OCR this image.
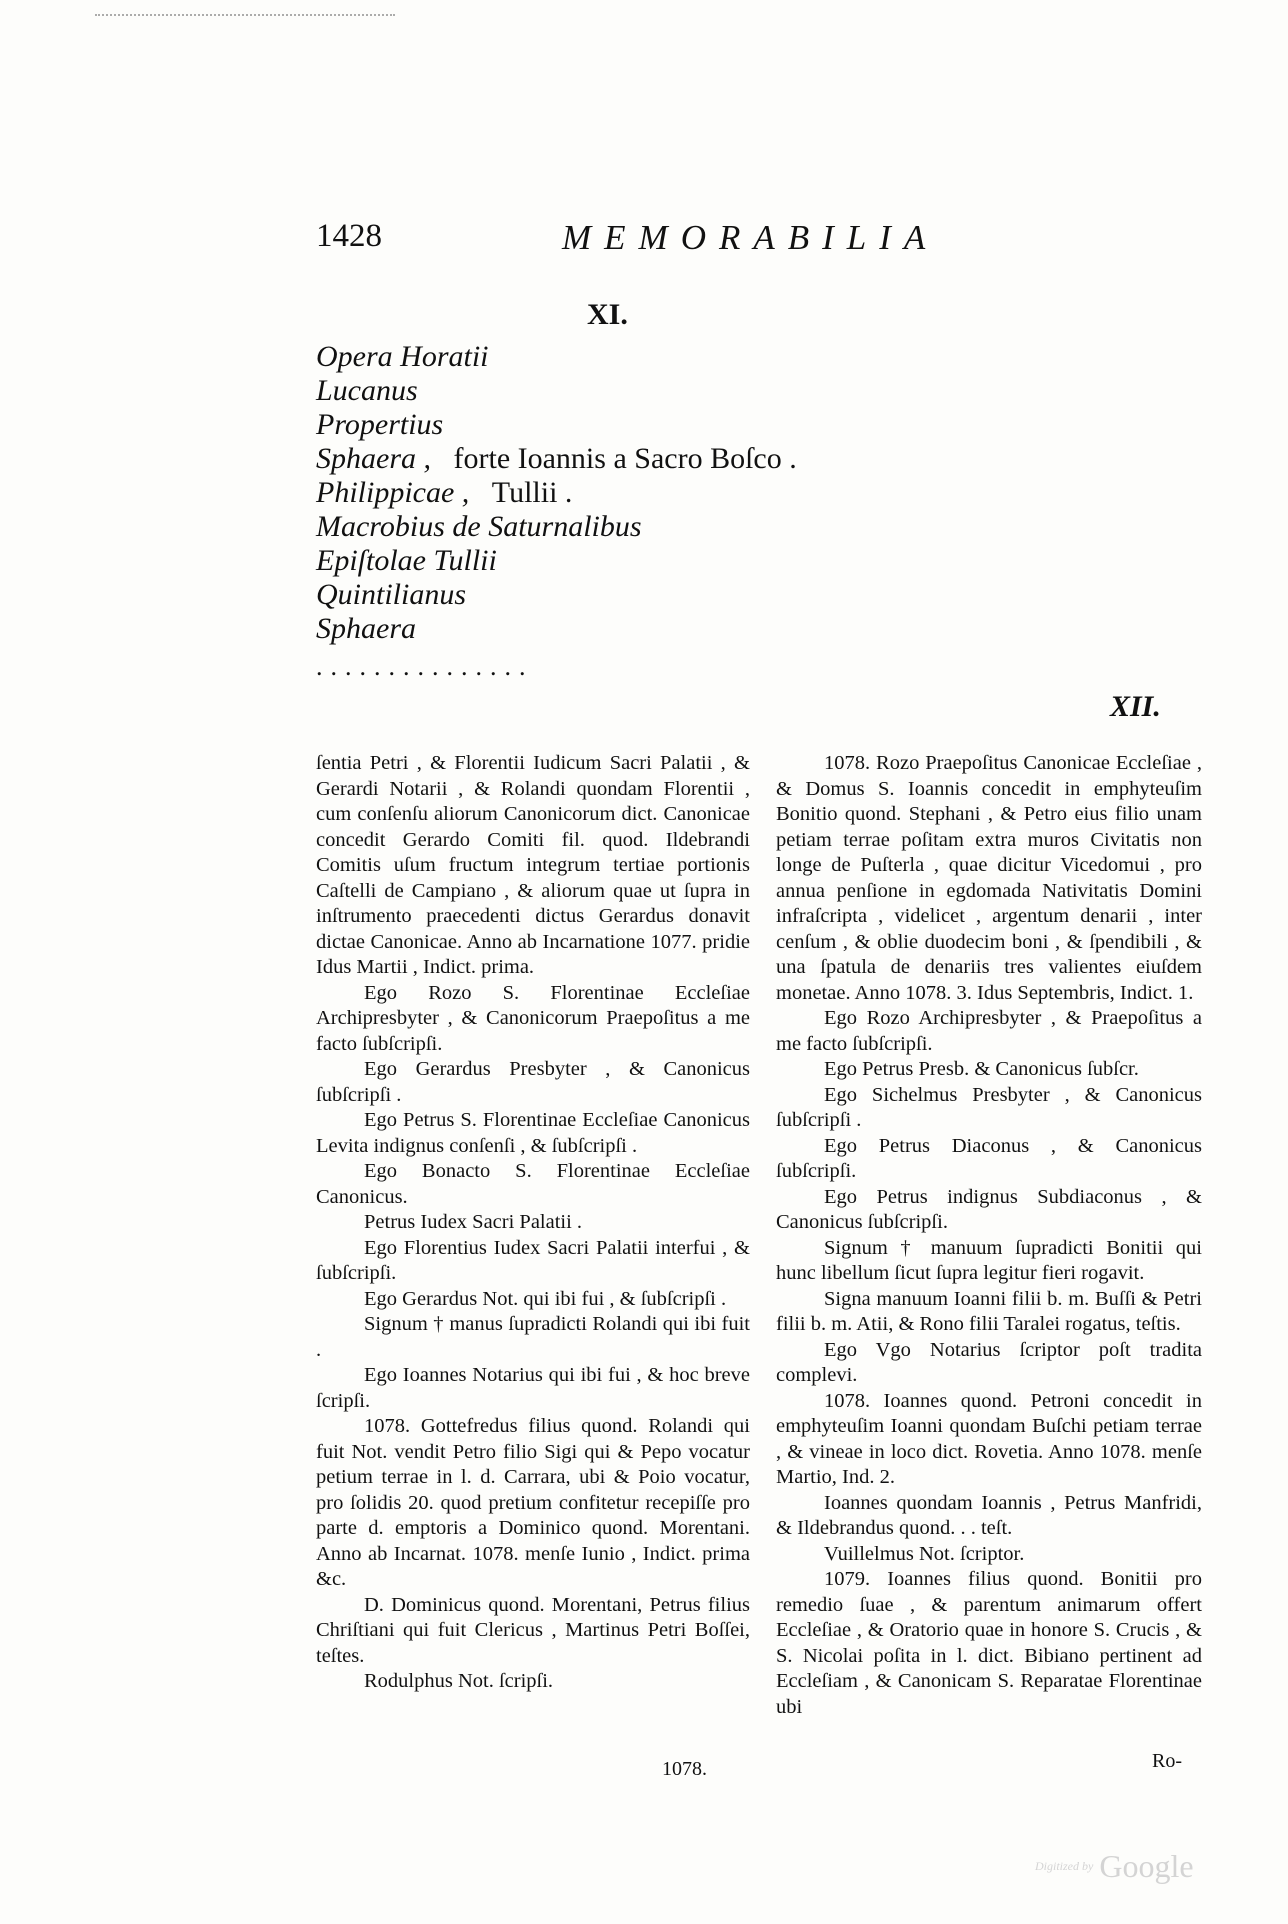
1428	MEMORABILIA
XI.
Opera Horatii
Lucanus
Propertius
Sphaera , forte Ioannis a Sacro Boſco .
Philippicae , Tullii .
Macrobius de Saturnalibus
Epiſtolae Tullii
Quintilianus
Sphaera
...............
XII.

ſentia Petri , & Florentii Iudicum Sacri Palatii , & Gerardi Notarii , & Rolandi quondam Florentii , cum conſenſu aliorum Canonicorum dict. Canonicae concedit Gerardo Comiti fil. quod. Ildebrandi Comitis uſum fructum integrum tertiae portionis Caſtelli de Campiano , & aliorum quae ut ſupra in inſtrumento praecedenti dictus Gerardus donavit dictae Canonicae. Anno ab Incarnatione 1077. pridie Idus Martii , Indict. prima.

Ego Rozo S. Florentinae Eccleſiae Archipresbyter , & Canonicorum Praepoſitus a me facto ſubſcripſi.

Ego Gerardus Presbyter , & Canonicus ſubſcripſi .

Ego Petrus S. Florentinae Eccleſiae Canonicus Levita indignus conſenſi , & ſubſcripſi .

Ego Bonacto S. Florentinae Eccleſiae Canonicus.

Petrus Iudex Sacri Palatii .

Ego Florentius Iudex Sacri Palatii interfui , & ſubſcripſi.

Ego Gerardus Not. qui ibi fui , & ſubſcripſi .

Signum † manus ſupradicti Rolandi qui ibi fuit .

Ego Ioannes Notarius qui ibi fui , & hoc breve ſcripſi.

1078. Gottefredus filius quond. Rolandi qui fuit Not. vendit Petro filio Sigi qui & Pepo vocatur petium terrae in l. d. Carrara, ubi & Poio vocatur, pro ſolidis 20. quod pretium confitetur recepiſſe pro parte d. emptoris a Dominico quond. Morentani. Anno ab Incarnat. 1078. menſe Iunio , Indict. prima &c.

D. Dominicus quond. Morentani, Petrus filius Chriſtiani qui fuit Clericus , Martinus Petri Boſſei, teſtes.

Rodulphus Not. ſcripſi.

1078. Rozo Praepoſitus Canonicae Eccleſiae , & Domus S. Ioannis concedit in emphyteuſim Bonitio quond. Stephani , & Petro eius filio unam petiam terrae poſitam extra muros Civitatis non longe de Puſterla , quae dicitur Vicedomui , pro annua penſione in egdomada Nativitatis Domini infraſcripta , videlicet , argentum denarii , inter cenſum , & oblie duodecim boni , & ſpendibili , & una ſpatula de denariis tres valientes eiuſdem monetae. Anno 1078. 3. Idus Septembris, Indict. 1.

Ego Rozo Archipresbyter , & Praepoſitus a me facto ſubſcripſi.

Ego Petrus Presb. & Canonicus ſubſcr.

Ego Sichelmus Presbyter , & Canonicus ſubſcripſi .

Ego Petrus Diaconus , & Canonicus ſubſcripſi.

Ego Petrus indignus Subdiaconus , & Canonicus ſubſcripſi.

Signum † manuum ſupradicti Bonitii qui hunc libellum ſicut ſupra legitur fieri rogavit.

Signa manuum Ioanni filii b. m. Buſſi & Petri filii b. m. Atii, & Rono filii Taralei rogatus, teſtis.

Ego Vgo Notarius ſcriptor poſt tradita complevi.

1078. Ioannes quond. Petroni concedit in emphyteuſim Ioanni quondam Buſchi petiam terrae , & vineae in loco dict. Rovetia. Anno 1078. menſe Martio, Ind. 2.

Ioannes quondam Ioannis , Petrus Manfridi, & Ildebrandus quond. . . teſt.

Vuillelmus Not. ſcriptor.

1079. Ioannes filius quond. Bonitii pro remedio ſuae , & parentum animarum offert Eccleſiae , & Oratorio quae in honore S. Crucis , & S. Nicolai poſita in l. dict. Bibiano pertinent ad Eccleſiam , & Canonicam S. Reparatae Florentinae ubi

1078.	Ro-
Digitized by Google
